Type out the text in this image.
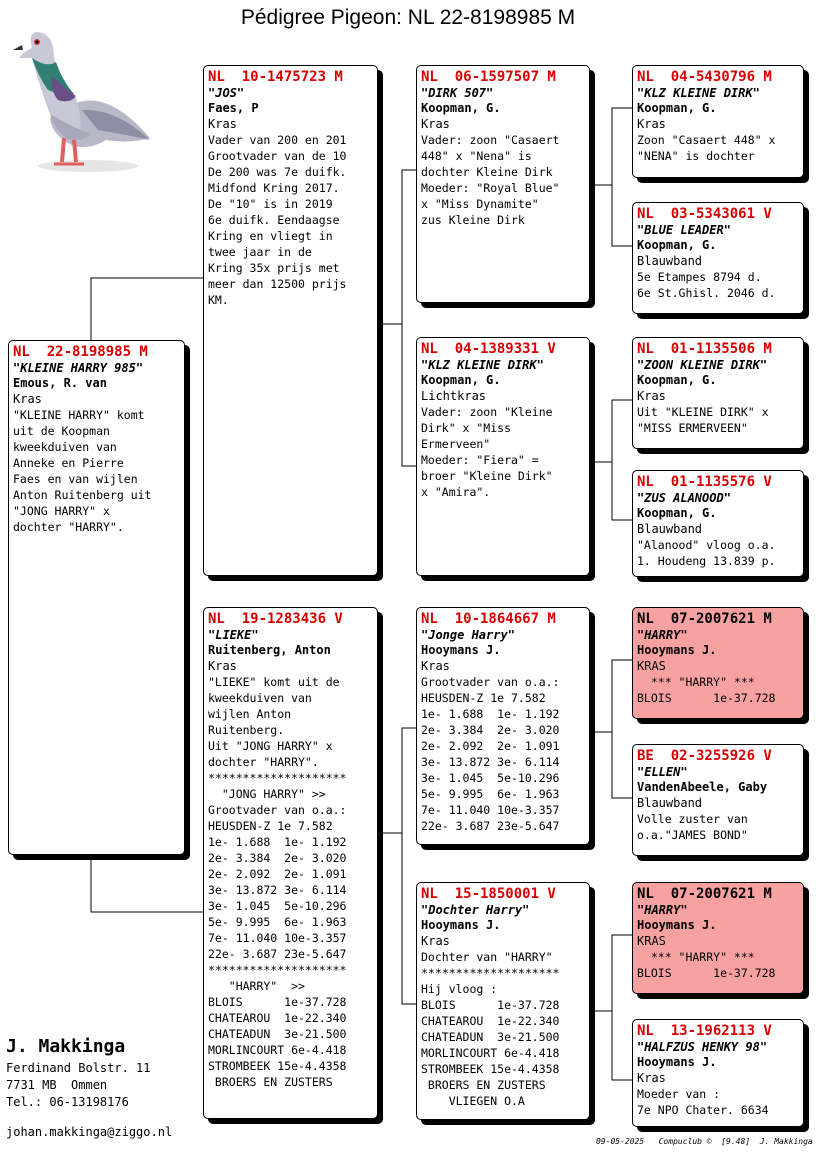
Pédigree Pigeon: NL 22-8198985 M
NL  22-8198985 M
"KLEINE HARRY 985"
Emous, R. van
Kras
"KLEINE HARRY" komt
uit de Koopman
kweekduiven van
Anneke en Pierre
Faes en van wijlen
Anton Ruitenberg uit
"JONG HARRY" x
dochter "HARRY".
NL  10-1475723 M
"JOS"
Faes, P
Kras
Vader van 200 en 201
Grootvader van de 10
De 200 was 7e duifk.
Midfond Kring 2017.
De "10" is in 2019
6e duifk. Eendaagse
Kring en vliegt in
twee jaar in de
Kring 35x prijs met
meer dan 12500 prijs
KM.
NL  19-1283436 V
"LIEKE"
Ruitenberg, Anton
Kras
"LIEKE" komt uit de
kweekduiven van
wijlen Anton
Ruitenberg.
Uit "JONG HARRY" x
dochter "HARRY".
********************
"JONG HARRY" >>
Grootvader van o.a.:
HEUSDEN-Z 1e 7.582
1e- 1.688  1e- 1.192
2e- 3.384  2e- 3.020
2e- 2.092  2e- 1.091
3e- 13.872 3e- 6.114
3e- 1.045  5e-10.296
5e- 9.995  6e- 1.963
7e- 11.040 10e-3.357
22e- 3.687 23e-5.647
********************
"HARRY"  >>
BLOIS      1e-37.728
CHATEAROU  1e-22.340
CHATEADUN  3e-21.500
MORLINCOURT 6e-4.418
STROMBEEK 15e-4.4358
BROERS EN ZUSTERS
NL  06-1597507 M
"DIRK 507"
Koopman, G.
Kras
Vader: zoon "Casaert
448" x "Nena" is
dochter Kleine Dirk
Moeder: "Royal Blue"
x "Miss Dynamite"
zus Kleine Dirk
NL  04-1389331 V
"KLZ KLEINE DIRK"
Koopman, G.
Lichtkras
Vader: zoon "Kleine
Dirk" x "Miss
Ermerveen"
Moeder: "Fiera" =
broer "Kleine Dirk"
x "Amira".
NL  10-1864667 M
"Jonge Harry"
Hooymans J.
Kras
Grootvader van o.a.:
HEUSDEN-Z 1e 7.582
1e- 1.688  1e- 1.192
2e- 3.384  2e- 3.020
2e- 2.092  2e- 1.091
3e- 13.872 3e- 6.114
3e- 1.045  5e-10.296
5e- 9.995  6e- 1.963
7e- 11.040 10e-3.357
22e- 3.687 23e-5.647
NL  15-1850001 V
"Dochter Harry"
Hooymans J.
Kras
Dochter van "HARRY"
********************
Hij vloog :
BLOIS      1e-37.728
CHATEAROU  1e-22.340
CHATEADUN  3e-21.500
MORLINCOURT 6e-4.418
STROMBEEK 15e-4.4358
BROERS EN ZUSTERS
VLIEGEN O.A
NL  04-5430796 M
"KLZ KLEINE DIRK"
Koopman, G.
Kras
Zoon "Casaert 448" x
"NENA" is dochter
NL  03-5343061 V
"BLUE LEADER"
Koopman, G.
Blauwband
5e Etampes 8794 d.
6e St.Ghisl. 2046 d.
NL  01-1135506 M
"ZOON KLEINE DIRK"
Koopman, G.
Kras
Uit "KLEINE DIRK" x
"MISS ERMERVEEN"
NL  01-1135576 V
"ZUS ALANOOD"
Koopman, G.
Blauwband
"Alanood" vloog o.a.
1. Houdeng 13.839 p.
NL  07-2007621 M
"HARRY"
Hooymans J.
KRAS
*** "HARRY" ***
BLOIS      1e-37.728
BE  02-3255926 V
"ELLEN"
VandenAbeele, Gaby
Blauwband
Volle zuster van
o.a."JAMES BOND"
NL  07-2007621 M
"HARRY"
Hooymans J.
KRAS
*** "HARRY" ***
BLOIS      1e-37.728
NL  13-1962113 V
"HALFZUS HENKY 98"
Hooymans J.
Kras
Moeder van :
7e NPO Chater. 6634
J. Makkinga
Ferdinand Bolstr. 11
7731 MB  Ommen
Tel.: 06-13198176
johan.makkinga@ziggo.nl
09-05-2025   Compuclub ©  [9.48]  J. Makkinga
